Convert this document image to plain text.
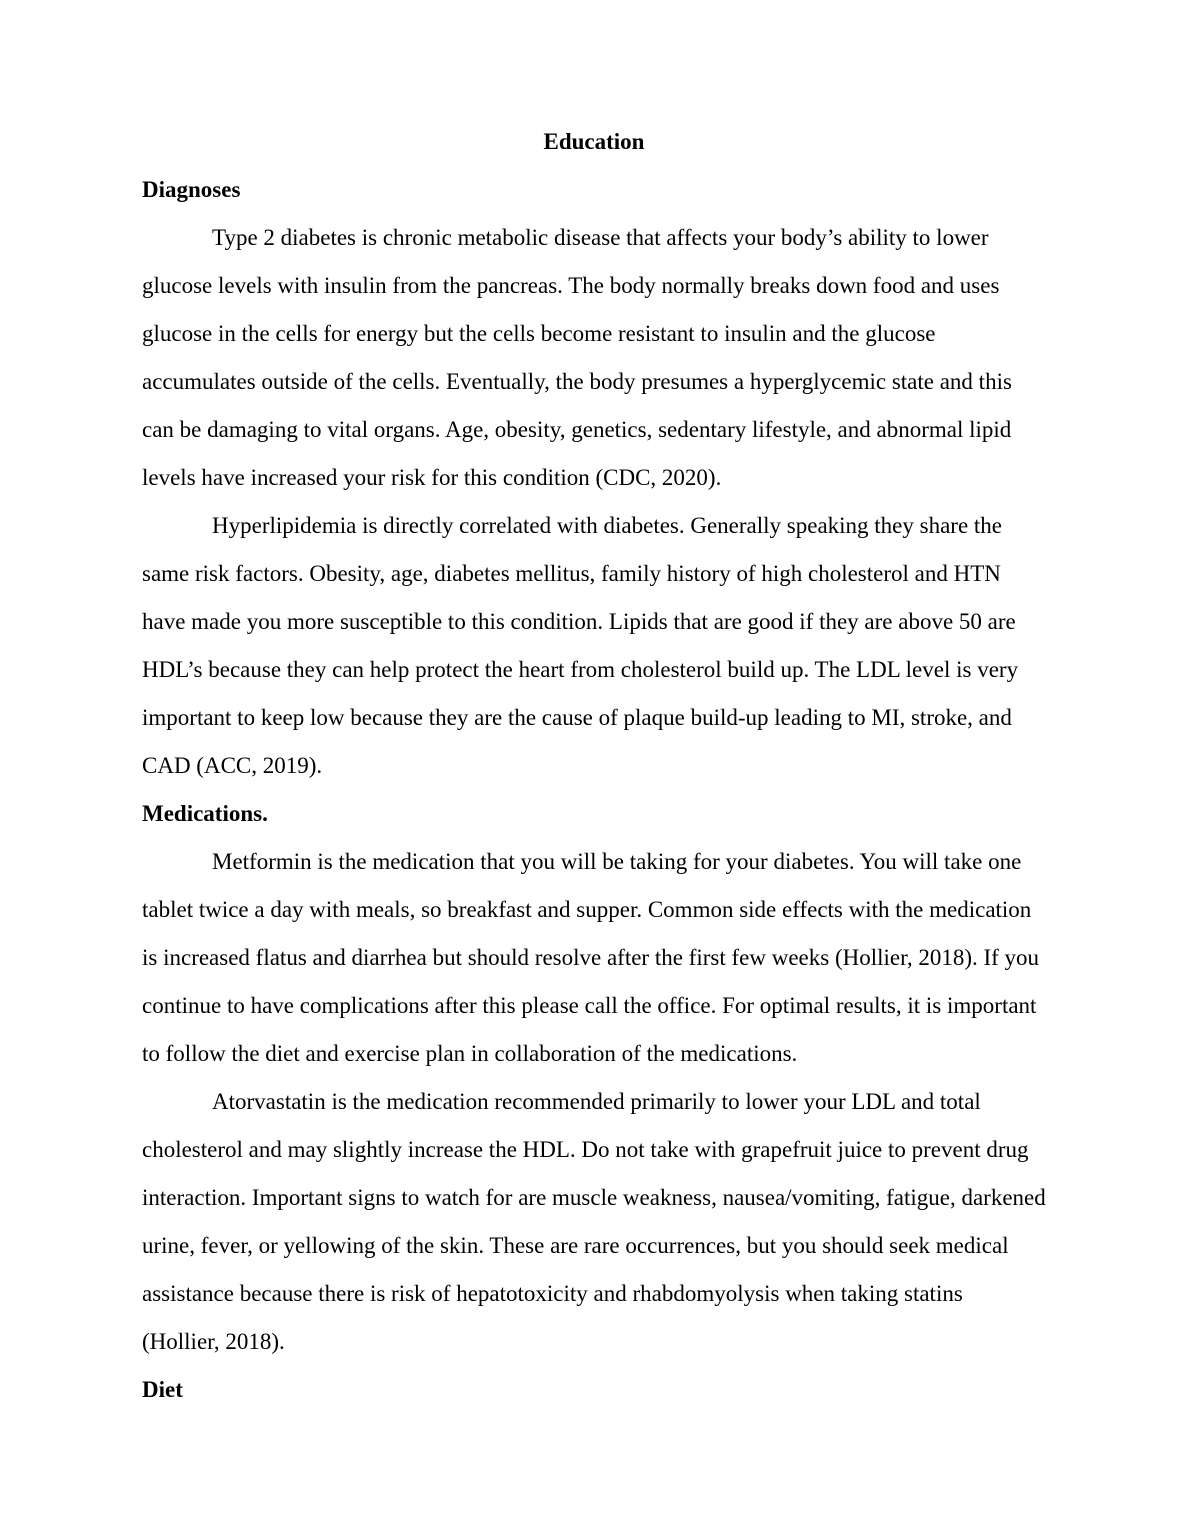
Education
Diagnoses

Type 2 diabetes is chronic metabolic disease that affects your body’s ability to lower glucose levels with insulin from the pancreas. The body normally breaks down food and uses glucose in the cells for energy but the cells become resistant to insulin and the glucose accumulates outside of the cells. Eventually, the body presumes a hyperglycemic state and this can be damaging to vital organs. Age, obesity, genetics, sedentary lifestyle, and abnormal lipid levels have increased your risk for this condition (CDC, 2020).

Hyperlipidemia is directly correlated with diabetes. Generally speaking they share the same risk factors. Obesity, age, diabetes mellitus, family history of high cholesterol and HTN have made you more susceptible to this condition. Lipids that are good if they are above 50 are HDL’s because they can help protect the heart from cholesterol build up. The LDL level is very important to keep low because they are the cause of plaque build-up leading to MI, stroke, and CAD (ACC, 2019).

Medications.

Metformin is the medication that you will be taking for your diabetes. You will take one tablet twice a day with meals, so breakfast and supper. Common side effects with the medication is increased flatus and diarrhea but should resolve after the first few weeks (Hollier, 2018). If you continue to have complications after this please call the office. For optimal results, it is important to follow the diet and exercise plan in collaboration of the medications.

Atorvastatin is the medication recommended primarily to lower your LDL and total cholesterol and may slightly increase the HDL. Do not take with grapefruit juice to prevent drug interaction. Important signs to watch for are muscle weakness, nausea/vomiting, fatigue, darkened urine, fever, or yellowing of the skin. These are rare occurrences, but you should seek medical assistance because there is risk of hepatotoxicity and rhabdomyolysis when taking statins (Hollier, 2018).

Diet
